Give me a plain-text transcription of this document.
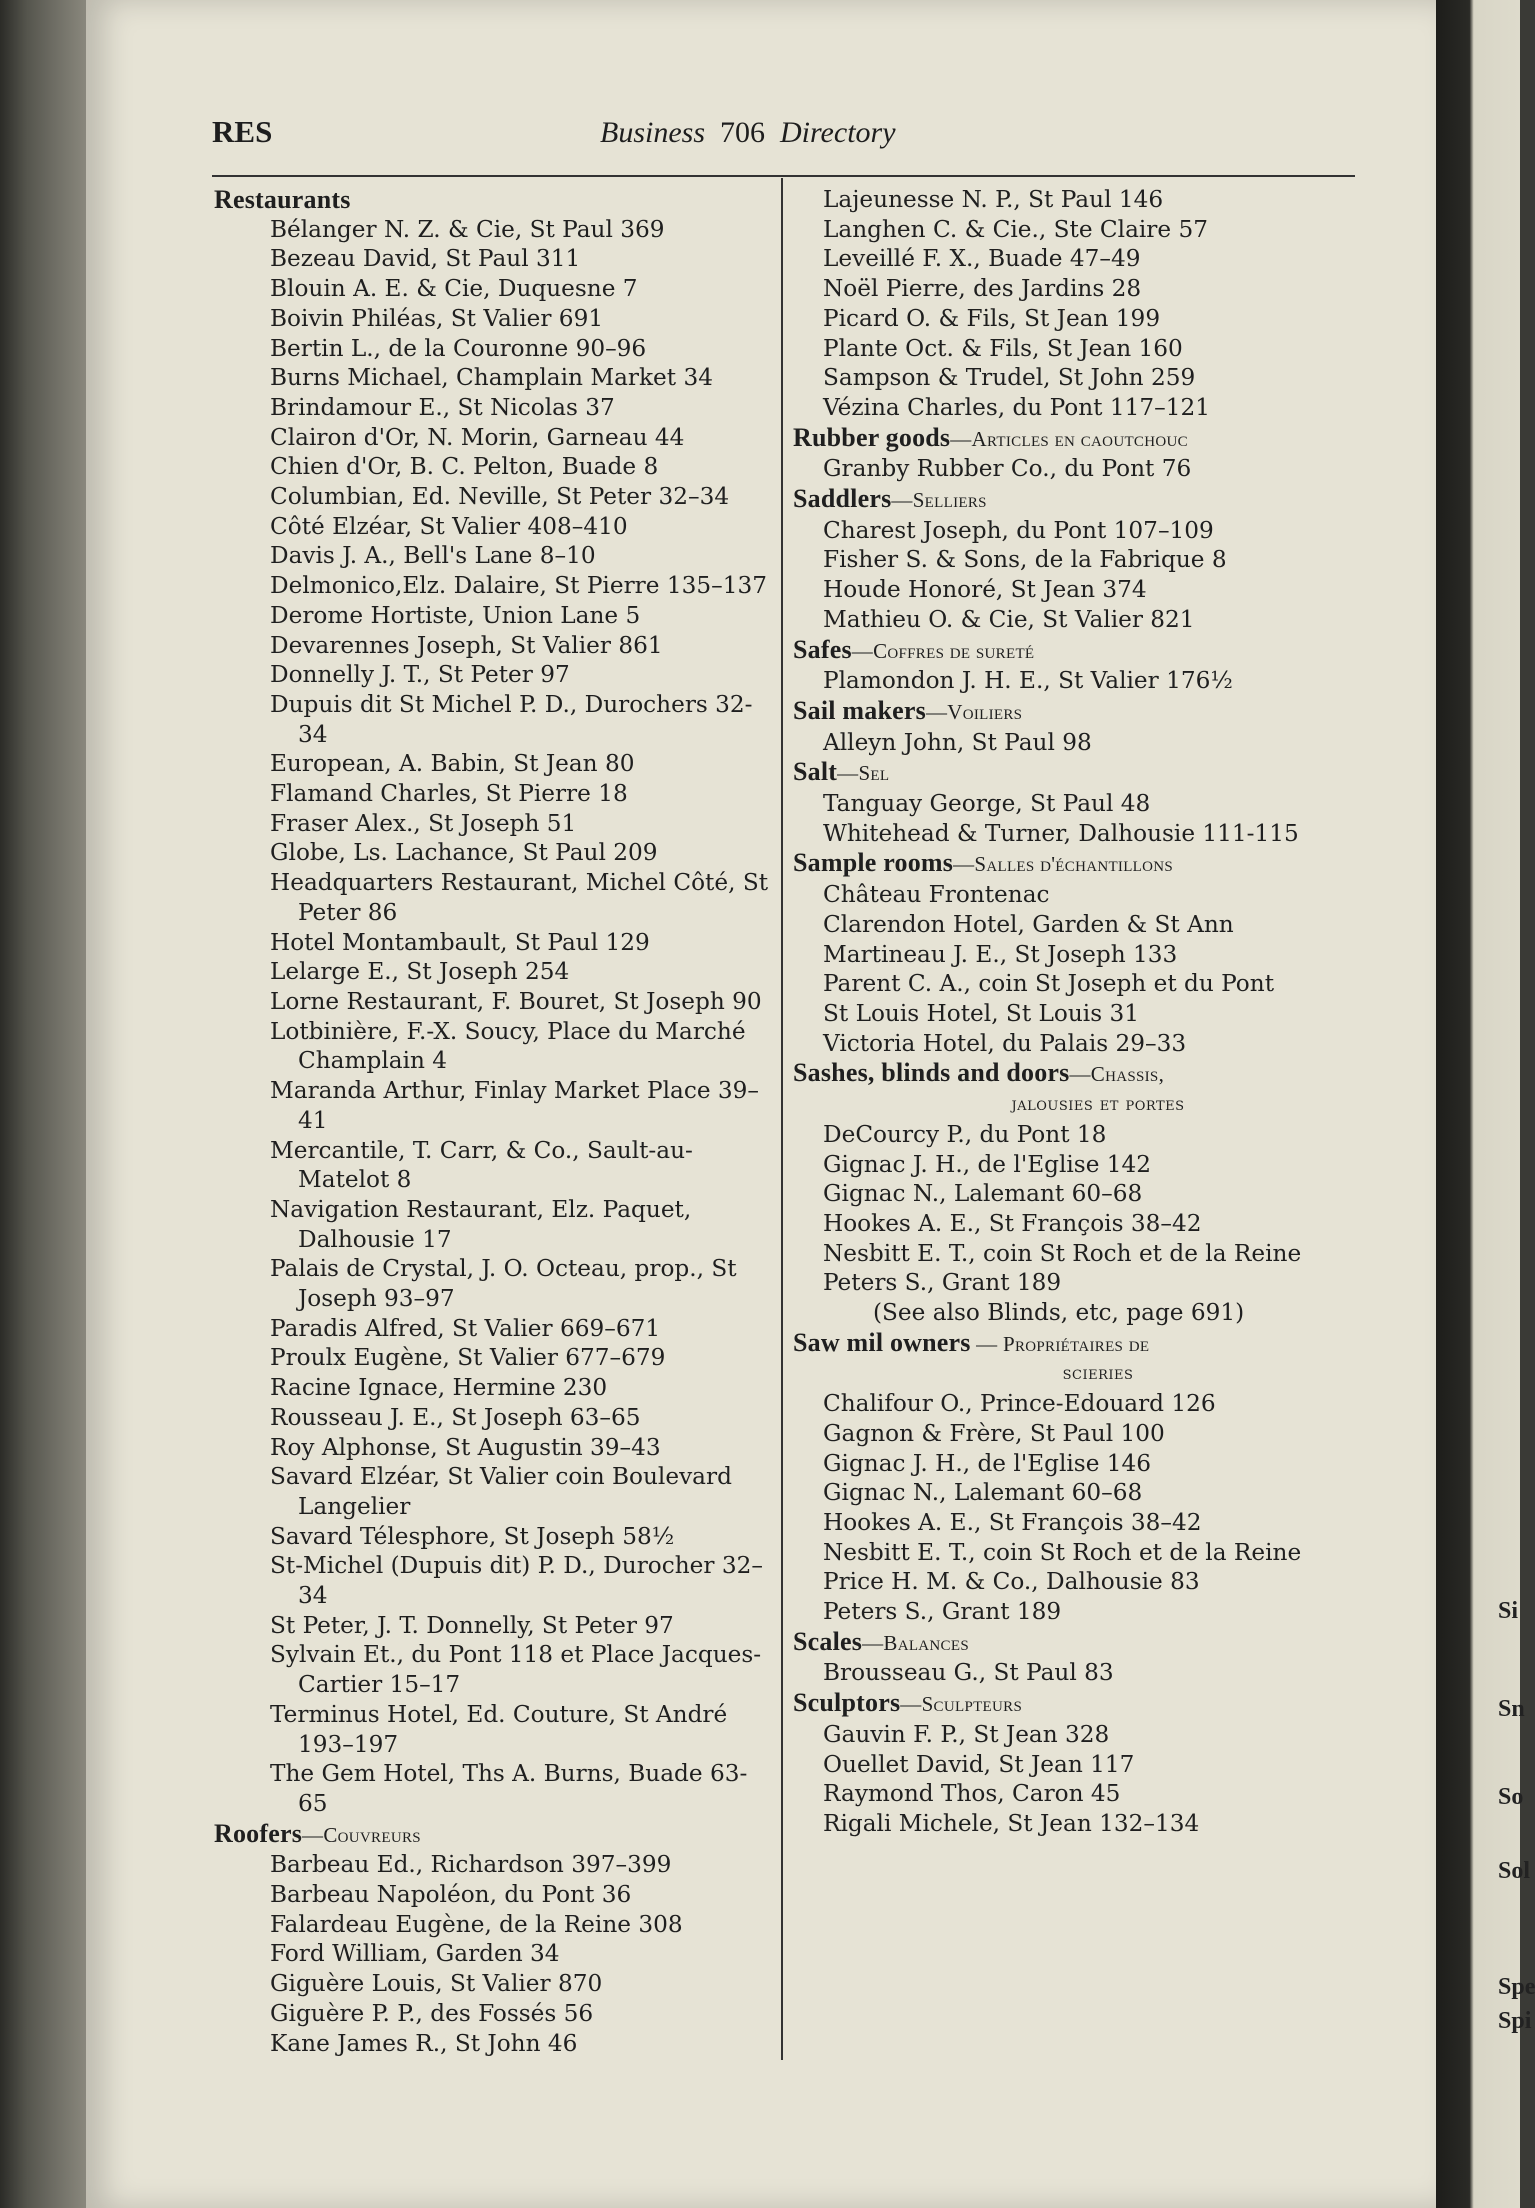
Si
Sn
So
Sol
Spe
Spi
RES	Business 706 Directory
Restaurants
Bélanger N. Z. & Cie, St Paul 369
Bezeau David, St Paul 311
Blouin A. E. & Cie, Duquesne 7
Boivin Philéas, St Valier 691
Bertin L., de la Couronne 90–96
Burns Michael, Champlain Market 34
Brindamour E., St Nicolas 37
Clairon d'Or, N. Morin, Garneau 44
Chien d'Or, B. C. Pelton, Buade 8
Columbian, Ed. Neville, St Peter 32–34
Côté Elzéar, St Valier 408–410
Davis J. A., Bell's Lane 8–10
Delmonico,Elz. Dalaire, St Pierre 135–137
Derome Hortiste, Union Lane 5
Devarennes Joseph, St Valier 861
Donnelly J. T., St Peter 97
Dupuis dit St Michel P. D., Durochers 32-34
European, A. Babin, St Jean 80
Flamand Charles, St Pierre 18
Fraser Alex., St Joseph 51
Globe, Ls. Lachance, St Paul 209
Headquarters Restaurant, Michel Côté, St Peter 86
Hotel Montambault, St Paul 129
Lelarge E., St Joseph 254
Lorne Restaurant, F. Bouret, St Joseph 90
Lotbinière, F.-X. Soucy, Place du Marché Champlain 4
Maranda Arthur, Finlay Market Place 39–41
Mercantile, T. Carr, & Co., Sault-au-Matelot 8
Navigation Restaurant, Elz. Paquet, Dalhousie 17
Palais de Crystal, J. O. Octeau, prop., St Joseph 93–97
Paradis Alfred, St Valier 669–671
Proulx Eugène, St Valier 677–679
Racine Ignace, Hermine 230
Rousseau J. E., St Joseph 63–65
Roy Alphonse, St Augustin 39–43
Savard Elzéar, St Valier coin Boulevard Langelier
Savard Télesphore, St Joseph 58½
St-Michel (Dupuis dit) P. D., Durocher 32–34
St Peter, J. T. Donnelly, St Peter 97
Sylvain Et., du Pont 118 et Place Jacques-Cartier 15–17
Terminus Hotel, Ed. Couture, St André 193–197
The Gem Hotel, Ths A. Burns, Buade 63-65
Roofers—Couvreurs
Barbeau Ed., Richardson 397–399
Barbeau Napoléon, du Pont 36
Falardeau Eugène, de la Reine 308
Ford William, Garden 34
Giguère Louis, St Valier 870
Giguère P. P., des Fossés 56
Kane James R., St John 46
Lajeunesse N. P., St Paul 146
Langhen C. & Cie., Ste Claire 57
Leveillé F. X., Buade 47–49
Noël Pierre, des Jardins 28
Picard O. & Fils, St Jean 199
Plante Oct. & Fils, St Jean 160
Sampson & Trudel, St John 259
Vézina Charles, du Pont 117–121
Rubber goods—Articles en caoutchouc
Granby Rubber Co., du Pont 76
Saddlers—Selliers
Charest Joseph, du Pont 107–109
Fisher S. & Sons, de la Fabrique 8
Houde Honoré, St Jean 374
Mathieu O. & Cie, St Valier 821
Safes—Coffres de sureté
Plamondon J. H. E., St Valier 176½
Sail makers—Voiliers
Alleyn John, St Paul 98
Salt—Sel
Tanguay George, St Paul 48
Whitehead & Turner, Dalhousie 111-115
Sample rooms—Salles d'échantillons
Château Frontenac
Clarendon Hotel, Garden & St Ann
Martineau J. E., St Joseph 133
Parent C. A., coin St Joseph et du Pont
St Louis Hotel, St Louis 31
Victoria Hotel, du Palais 29–33
Sashes, blinds and doors—Chassis,
jalousies et portes
DeCourcy P., du Pont 18
Gignac J. H., de l'Eglise 142
Gignac N., Lalemant 60–68
Hookes A. E., St François 38–42
Nesbitt E. T., coin St Roch et de la Reine
Peters S., Grant 189
(See also Blinds, etc, page 691)
Saw mil owners — Propriétaires de
scieries
Chalifour O., Prince-Edouard 126
Gagnon & Frère, St Paul 100
Gignac J. H., de l'Eglise 146
Gignac N., Lalemant 60–68
Hookes A. E., St François 38–42
Nesbitt E. T., coin St Roch et de la Reine
Price H. M. & Co., Dalhousie 83
Peters S., Grant 189
Scales—Balances
Brousseau G., St Paul 83
Sculptors—Sculpteurs
Gauvin F. P., St Jean 328
Ouellet David, St Jean 117
Raymond Thos, Caron 45
Rigali Michele, St Jean 132–134
